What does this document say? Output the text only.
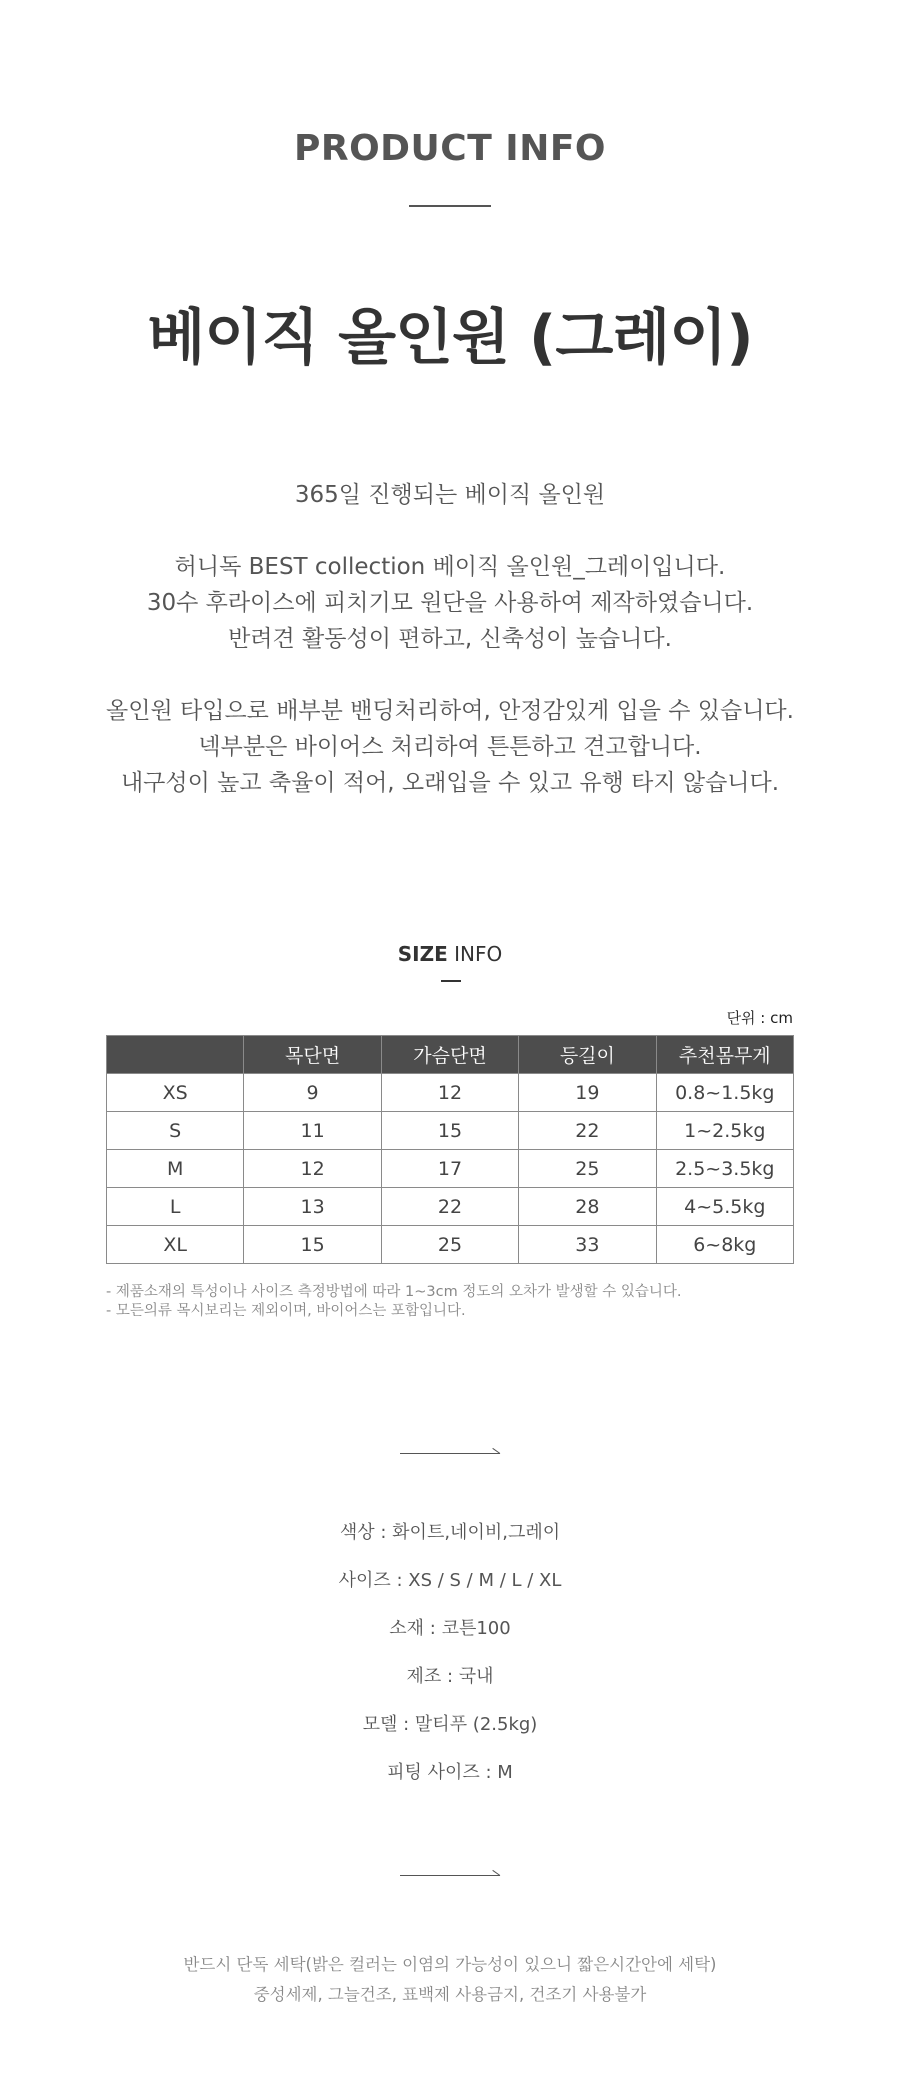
PRODUCT INFO
베이직 올인원 (그레이)

365일 진행되는 베이직 올인원

허니독 BEST collection 베이직 올인원_그레이입니다.

30수 후라이스에 피치기모 원단을 사용하여 제작하였습니다.

반려견 활동성이 편하고, 신축성이 높습니다.

올인원 타입으로 배부분 밴딩처리하여, 안정감있게 입을 수 있습니다.

넥부분은 바이어스 처리하여 튼튼하고 견고합니다.

내구성이 높고 축율이 적어, 오래입을 수 있고 유행 타지 않습니다.

SIZE INFO
단위 : cm
	목단면	가슴단면	등길이	추천몸무게
XS	9	12	19	0.8~1.5kg
S	11	15	22	1~2.5kg
M	12	17	25	2.5~3.5kg
L	13	22	28	4~5.5kg
XL	15	25	33	6~8kg

- 제품소재의 특성이나 사이즈 측정방법에 따라 1~3cm 정도의 오차가 발생할 수 있습니다.

- 모든의류 목시보리는 제외이며, 바이어스는 포함입니다.

색상 : 화이트,네이비,그레이

사이즈 : XS / S / M / L / XL

소재 : 코튼100

제조 : 국내

모델 : 말티푸 (2.5kg)

피팅 사이즈 : M

반드시 단독 세탁(밝은 컬러는 이염의 가능성이 있으니 짧은시간안에 세탁)

중성세제, 그늘건조, 표백제 사용금지, 건조기 사용불가
